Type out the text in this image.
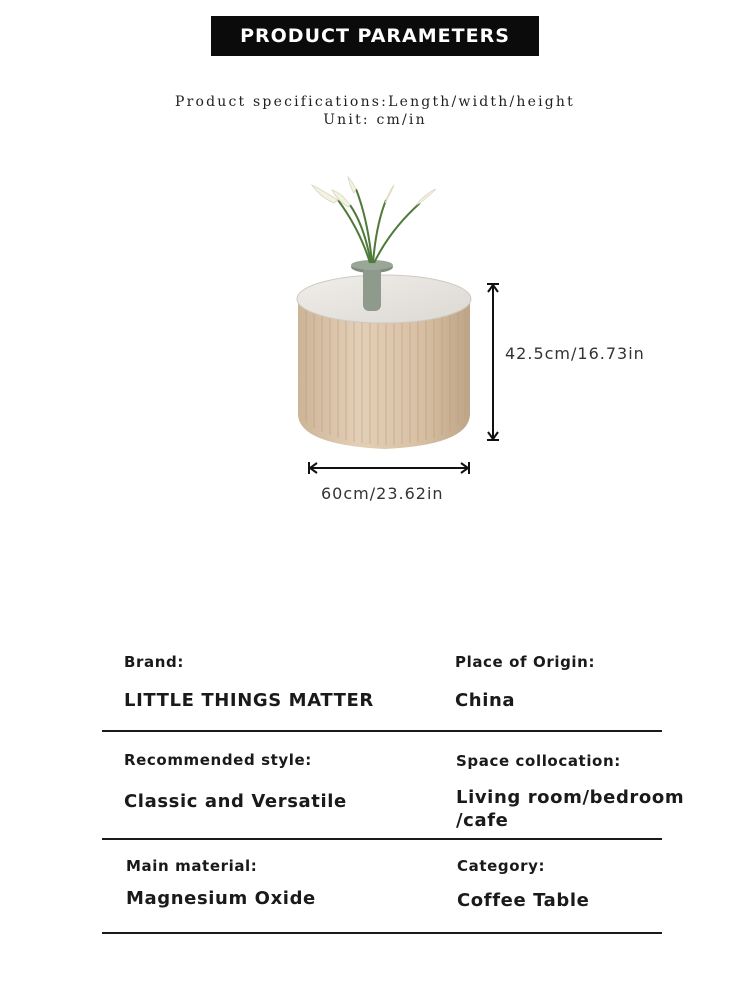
PRODUCT PARAMETERS
Product specifications:Length/width/height
Unit: cm/in
42.5cm/16.73in
60cm/23.62in
Brand:
LITTLE THINGS MATTER
Place of Origin:
China
Recommended style:
Classic and Versatile
Space collocation:
Living room/bedroom
/cafe
Main material:
Magnesium Oxide
Category:
Coffee Table
